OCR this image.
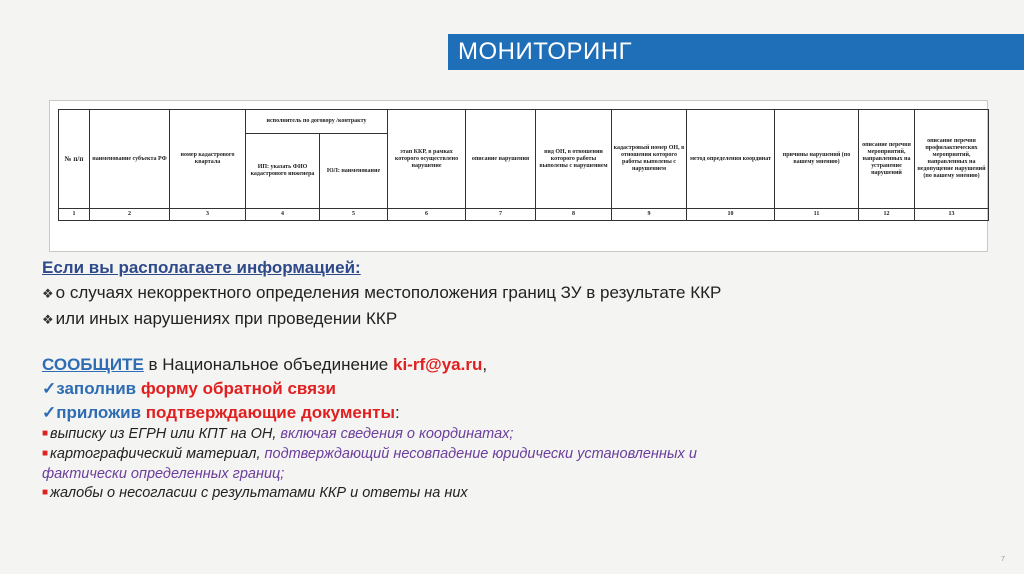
МОНИТОРИНГ
№ п/п	наименование субъекта РФ	номер кадастрового квартала	исполнитель по договору /контракту		этап ККР, в рамках которого осуществлено нарушение	описание нарушения	вид ОН, в отношении которого работы выполены с нарушением	кадастровый номер ОН, в отношении которого работы выполены с нарушением	метод определения координат	причины нарушений (по вашему мнению)	описание перечня мероприятий, направленных на устранение нарушений	описание перечня профилактических мероприятий, направленных на недопущение нарушений (по вашему мнению)
			ИП: указать ФИО кадастрового инженера	ЮЛ: наименование								
1	2	3	4	5	6	7	8	9	10	11	12	13
Если вы располагаете информацией:
❖ о случаях некорректного определения местоположения границ ЗУ в результате ККР
❖ или иных нарушениях при проведении ККР
СООБЩИТЕ в Национальное объединение ki-rf@ya.ru,
✓заполнив форму обратной связи
✓приложив подтверждающие документы:
■ выписку из ЕГРН или КПТ на ОН, включая сведения о координатах;
■ картографический материал, подтверждающий несовпадение юридически установленных и
фактически определенных границ;
■ жалобы о несогласии с результатами ККР и ответы на них
7
